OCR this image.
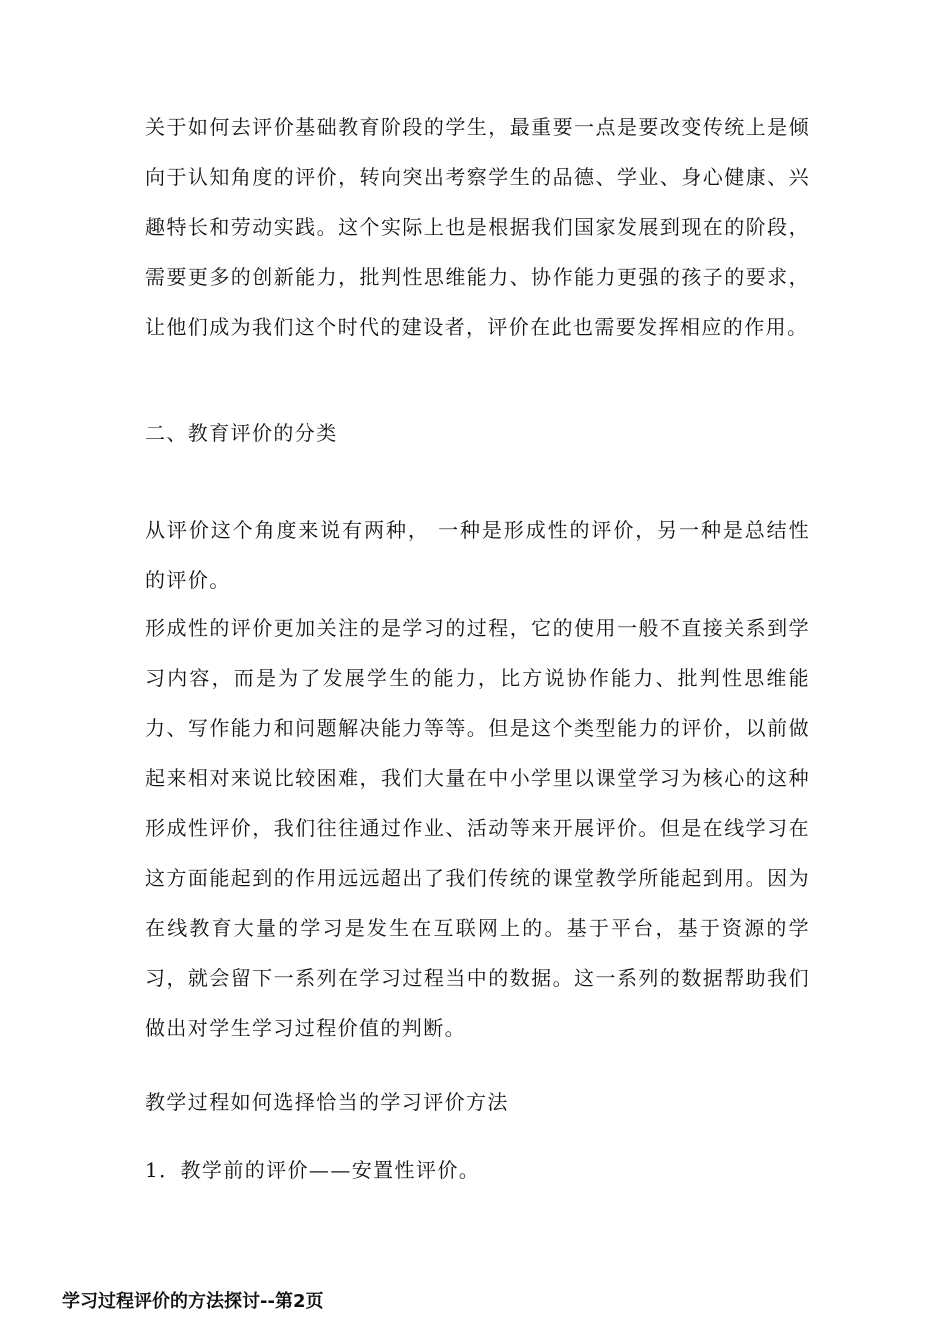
关于如何去评价基础教育阶段的学生，最重要一点是要改变传统上是倾向于认知角度的评价，转向突出考察学生的品德、学业、身心健康、兴趣特长和劳动实践。这个实际上也是根据我们国家发展到现在的阶段，需要更多的创新能力，批判性思维能力、协作能力更强的孩子的要求，让他们成为我们这个时代的建设者，评价在此也需要发挥相应的作用。

二、教育评价的分类

从评价这个角度来说有两种， 一种是形成性的评价，另一种是总结性的评价。

形成性的评价更加关注的是学习的过程，它的使用一般不直接关系到学习内容，而是为了发展学生的能力，比方说协作能力、批判性思维能力、写作能力和问题解决能力等等。但是这个类型能力的评价，以前做起来相对来说比较困难，我们大量在中小学里以课堂学习为核心的这种形成性评价，我们往往通过作业、活动等来开展评价。但是在线学习在这方面能起到的作用远远超出了我们传统的课堂教学所能起到用。因为在线教育大量的学习是发生在互联网上的。基于平台，基于资源的学习，就会留下一系列在学习过程当中的数据。这一系列的数据帮助我们做出对学生学习过程价值的判断。

教学过程如何选择恰当的学习评价方法

1．教学前的评价——安置性评价。

学习过程评价的方法探讨--第2页
